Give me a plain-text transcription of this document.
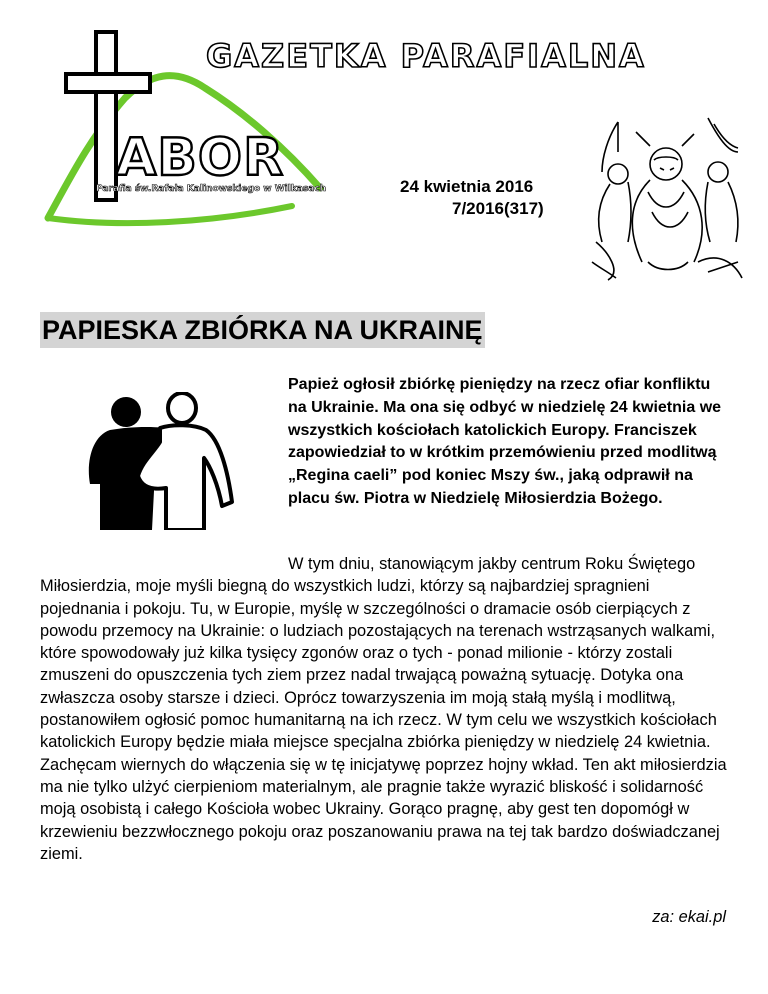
ABOR
Parafia św.Rafała Kalinowskiego w Wilkasach
GAZETKA PARAFIALNA
24 kwietnia 2016
7/2016(317)
PAPIESKA ZBIÓRKA NA UKRAINĘ
Papież ogłosił zbiórkę pieniędzy na rzecz ofiar konfliktu na Ukrainie. Ma ona się odbyć w niedzielę 24 kwietnia we wszystkich kościołach katolickich Europy. Franciszek zapowiedział to w krótkim przemówieniu przed modlitwą „Regina caeli” pod koniec Mszy św., jaką odprawił na placu św. Piotra w Niedzielę Miłosierdzia Bożego.
W tym dniu, stanowiącym jakby centrum Roku Świętego Miłosierdzia, moje myśli biegną do wszystkich ludzi, którzy są najbardziej spragnieni pojednania i pokoju. Tu, w Europie, myślę w szczególności o dramacie osób cierpiących z powodu przemocy na Ukrainie: o ludziach pozostających na terenach wstrząsanych walkami, które spowodowały już kilka tysięcy zgonów oraz o tych - ponad milionie - którzy zostali zmuszeni do opuszczenia tych ziem przez nadal trwającą poważną sytuację. Dotyka ona zwłaszcza osoby starsze i dzieci. Oprócz towarzyszenia im moją stałą myślą i modlitwą, postanowiłem ogłosić pomoc humanitarną na ich rzecz. W tym celu we wszystkich kościołach katolickich Europy będzie miała miejsce specjalna zbiórka pieniędzy w niedzielę 24 kwietnia. Zachęcam wiernych do włączenia się w tę inicjatywę poprzez hojny wkład. Ten akt miłosierdzia ma nie tylko ulżyć cierpieniom materialnym, ale pragnie także wyrazić bliskość i solidarność moją osobistą i całego Kościoła wobec Ukrainy. Gorąco pragnę, aby gest ten dopomógł w krzewieniu bezzwłocznego pokoju oraz poszanowaniu prawa na tej tak bardzo doświadczanej ziemi.
za: ekai.pl
